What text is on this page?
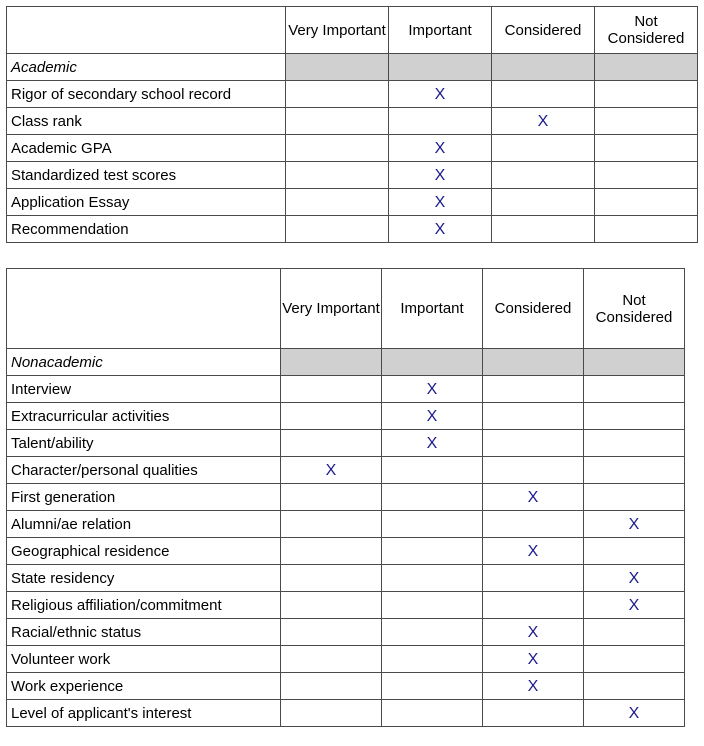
	Very Important	Important	Considered	Not Considered
Academic				
Rigor of secondary school record		X		
Class rank			X	
Academic GPA		X		
Standardized test scores		X		
Application Essay		X		
Recommendation		X		
	Very Important	Important	Considered	Not Considered
Nonacademic				
Interview		X		
Extracurricular activities		X		
Talent/ability		X		
Character/personal qualities	X			
First generation			X	
Alumni/ae relation				X
Geographical residence			X	
State residency				X
Religious affiliation/commitment				X
Racial/ethnic status			X	
Volunteer work			X	
Work experience			X	
Level of applicant's interest				X
